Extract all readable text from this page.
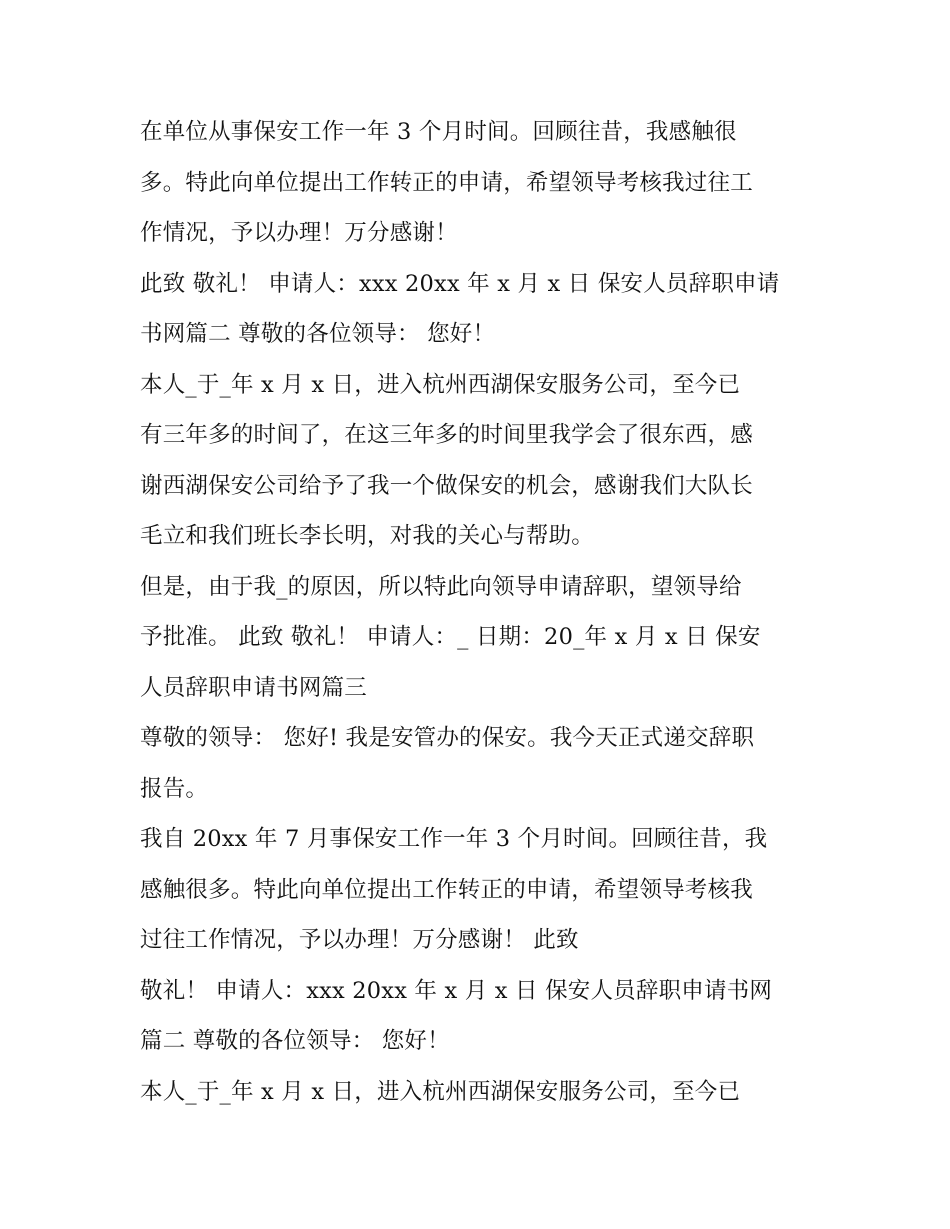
在单位从事保安工作一年 3 个月时间。回顾往昔，我感触很
多。特此向单位提出工作转正的申请，希望领导考核我过往工
作情况，予以办理！万分感谢！
此致 敬礼！ 申请人：xxx 20xx 年 x 月 x 日 保安人员辞职申请
书网篇二 尊敬的各位领导： 您好！
本人_于_年 x 月 x 日，进入杭州西湖保安服务公司，至今已
有三年多的时间了，在这三年多的时间里我学会了很东西，感
谢西湖保安公司给予了我一个做保安的机会，感谢我们大队长
毛立和我们班长李长明，对我的关心与帮助。
但是，由于我_的原因，所以特此向领导申请辞职，望领导给
予批准。 此致 敬礼！ 申请人：_ 日期：20_年 x 月 x 日 保安
人员辞职申请书网篇三
尊敬的领导： 您好! 我是安管办的保安。我今天正式递交辞职
报告。
我自 20xx 年 7 月事保安工作一年 3 个月时间。回顾往昔，我
感触很多。特此向单位提出工作转正的申请，希望领导考核我
过往工作情况，予以办理！万分感谢！ 此致
敬礼！ 申请人：xxx 20xx 年 x 月 x 日 保安人员辞职申请书网
篇二 尊敬的各位领导： 您好！
本人_于_年 x 月 x 日，进入杭州西湖保安服务公司，至今已
